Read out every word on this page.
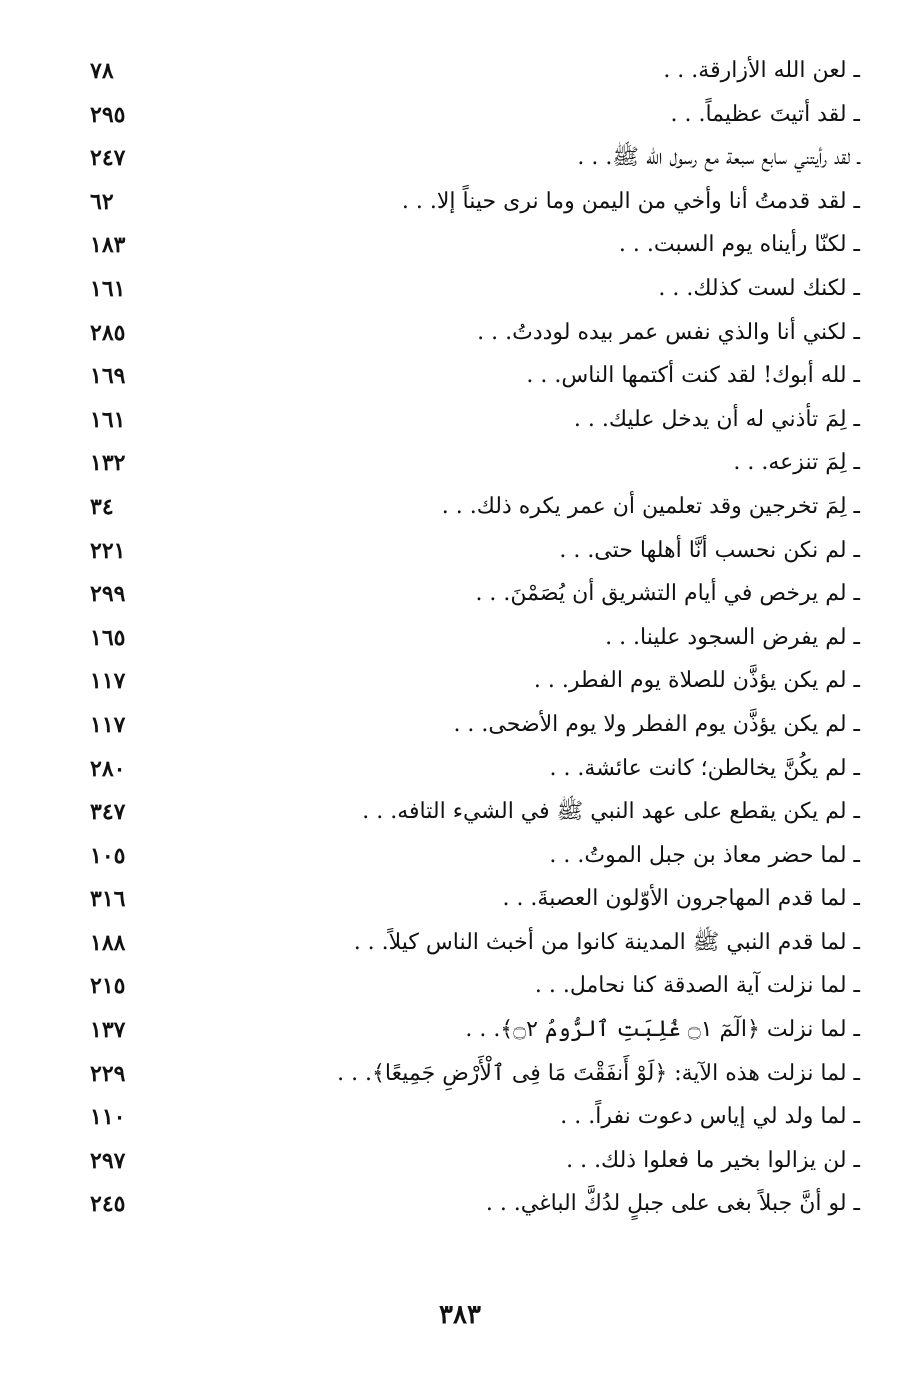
ـ لعن الله الأزارقة. . .
٧٨
ـ لقد أتيتَ عظيماً. . .
٢٩٥
ـ لقد رأيتني سابع سبعة مع رسول الله ﷺ. . .
٢٤٧
ـ لقد قدمتُ أنا وأخي من اليمن وما نرى حيناً إلا. . .
٦٢
ـ لكنّا رأيناه يوم السبت. . .
١٨٣
ـ لكنك لست كذلك. . .
١٦١
ـ لكني أنا والذي نفس عمر بيده لوددتُ. . .
٢٨٥
ـ لله أبوك! لقد كنت أكتمها الناس. . .
١٦٩
ـ لِمَ تأذني له أن يدخل عليك. . .
١٦١
ـ لِمَ تنزعه. . .
١٣٢
ـ لِمَ تخرجين وقد تعلمين أن عمر يكره ذلك. . .
٣٤
ـ لم نكن نحسب أنَّا أهلها حتى. . .
٢٢١
ـ لم يرخص في أيام التشريق أن يُصَمْنَ. . .
٢٩٩
ـ لم يفرض السجود علينا. . .
١٦٥
ـ لم يكن يؤذَّن للصلاة يوم الفطر. . .
١١٧
ـ لم يكن يؤذَّن يوم الفطر ولا يوم الأضحى. . .
١١٧
ـ لم يكُنَّ يخالطن؛ كانت عائشة. . .
٢٨٠
ـ لم يكن يقطع على عهد النبي ﷺ في الشيء التافه. . .
٣٤٧
ـ لما حضر معاذ بن جبل الموتُ. . .
١٠٥
ـ لما قدم المهاجرون الأوّلون العصبةَ. . .
٣١٦
ـ لما قدم النبي ﷺ المدينة كانوا من أخبث الناس كيلاً. . .
١٨٨
ـ لما نزلت آية الصدقة كنا نحامل. . .
٢١٥
ـ لما نزلت ﴿الٓمٓ ۝١ غُلِبَتِ ٱلرُّومُ ۝٢﴾. . .
١٣٧
ـ لما نزلت هذه الآية: ﴿لَوْ أَنفَقْتَ مَا فِى ٱلْأَرْضِ جَمِيعًا﴾. . .
٢٢٩
ـ لما ولد لي إياس دعوت نفراً. . .
١١٠
ـ لن يزالوا بخير ما فعلوا ذلك. . .
٢٩٧
ـ لو أنَّ جبلاً بغى على جبلٍ لدُكَّ الباغي. . .
٢٤٥
٣٨٣
